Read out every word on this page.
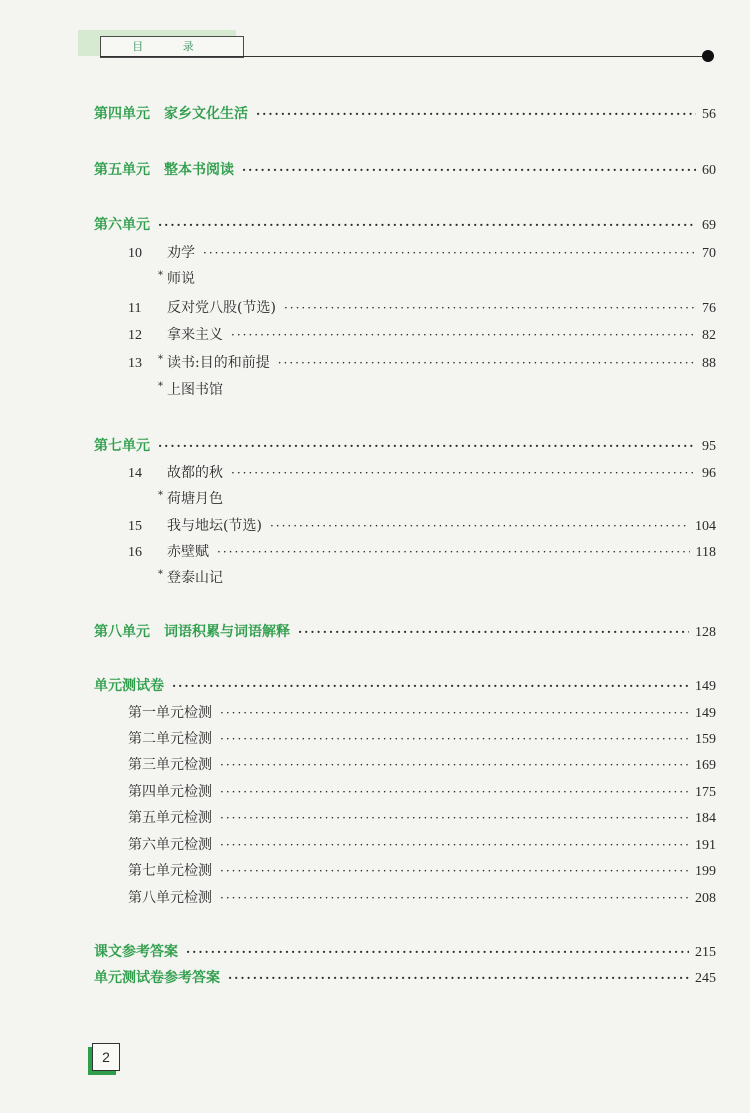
目 录
第四单元　家乡文化生活 ·····	56
第五单元　整本书阅读 ·····	60
第六单元 ·····	69
10	劝学 ·····	70
* 师说
11	反对党八股(节选) ·····	76
12	拿来主义 ·····	82
13	* 读书:目的和前提 ·····	88
* 上图书馆
第七单元 ·····	95
14	故都的秋 ·····	96
* 荷塘月色
15	我与地坛(节选) ·····	104
16	赤壁赋 ·····	118
* 登泰山记
第八单元　词语积累与词语解释 ·····	128
单元测试卷 ·····	149
第一单元检测 ·····	149
第二单元检测 ·····	159
第三单元检测 ·····	169
第四单元检测 ·····	175
第五单元检测 ·····	184
第六单元检测 ·····	191
第七单元检测 ·····	199
第八单元检测 ·····	208
课文参考答案 ·····	215
单元测试卷参考答案 ·····	245
2
